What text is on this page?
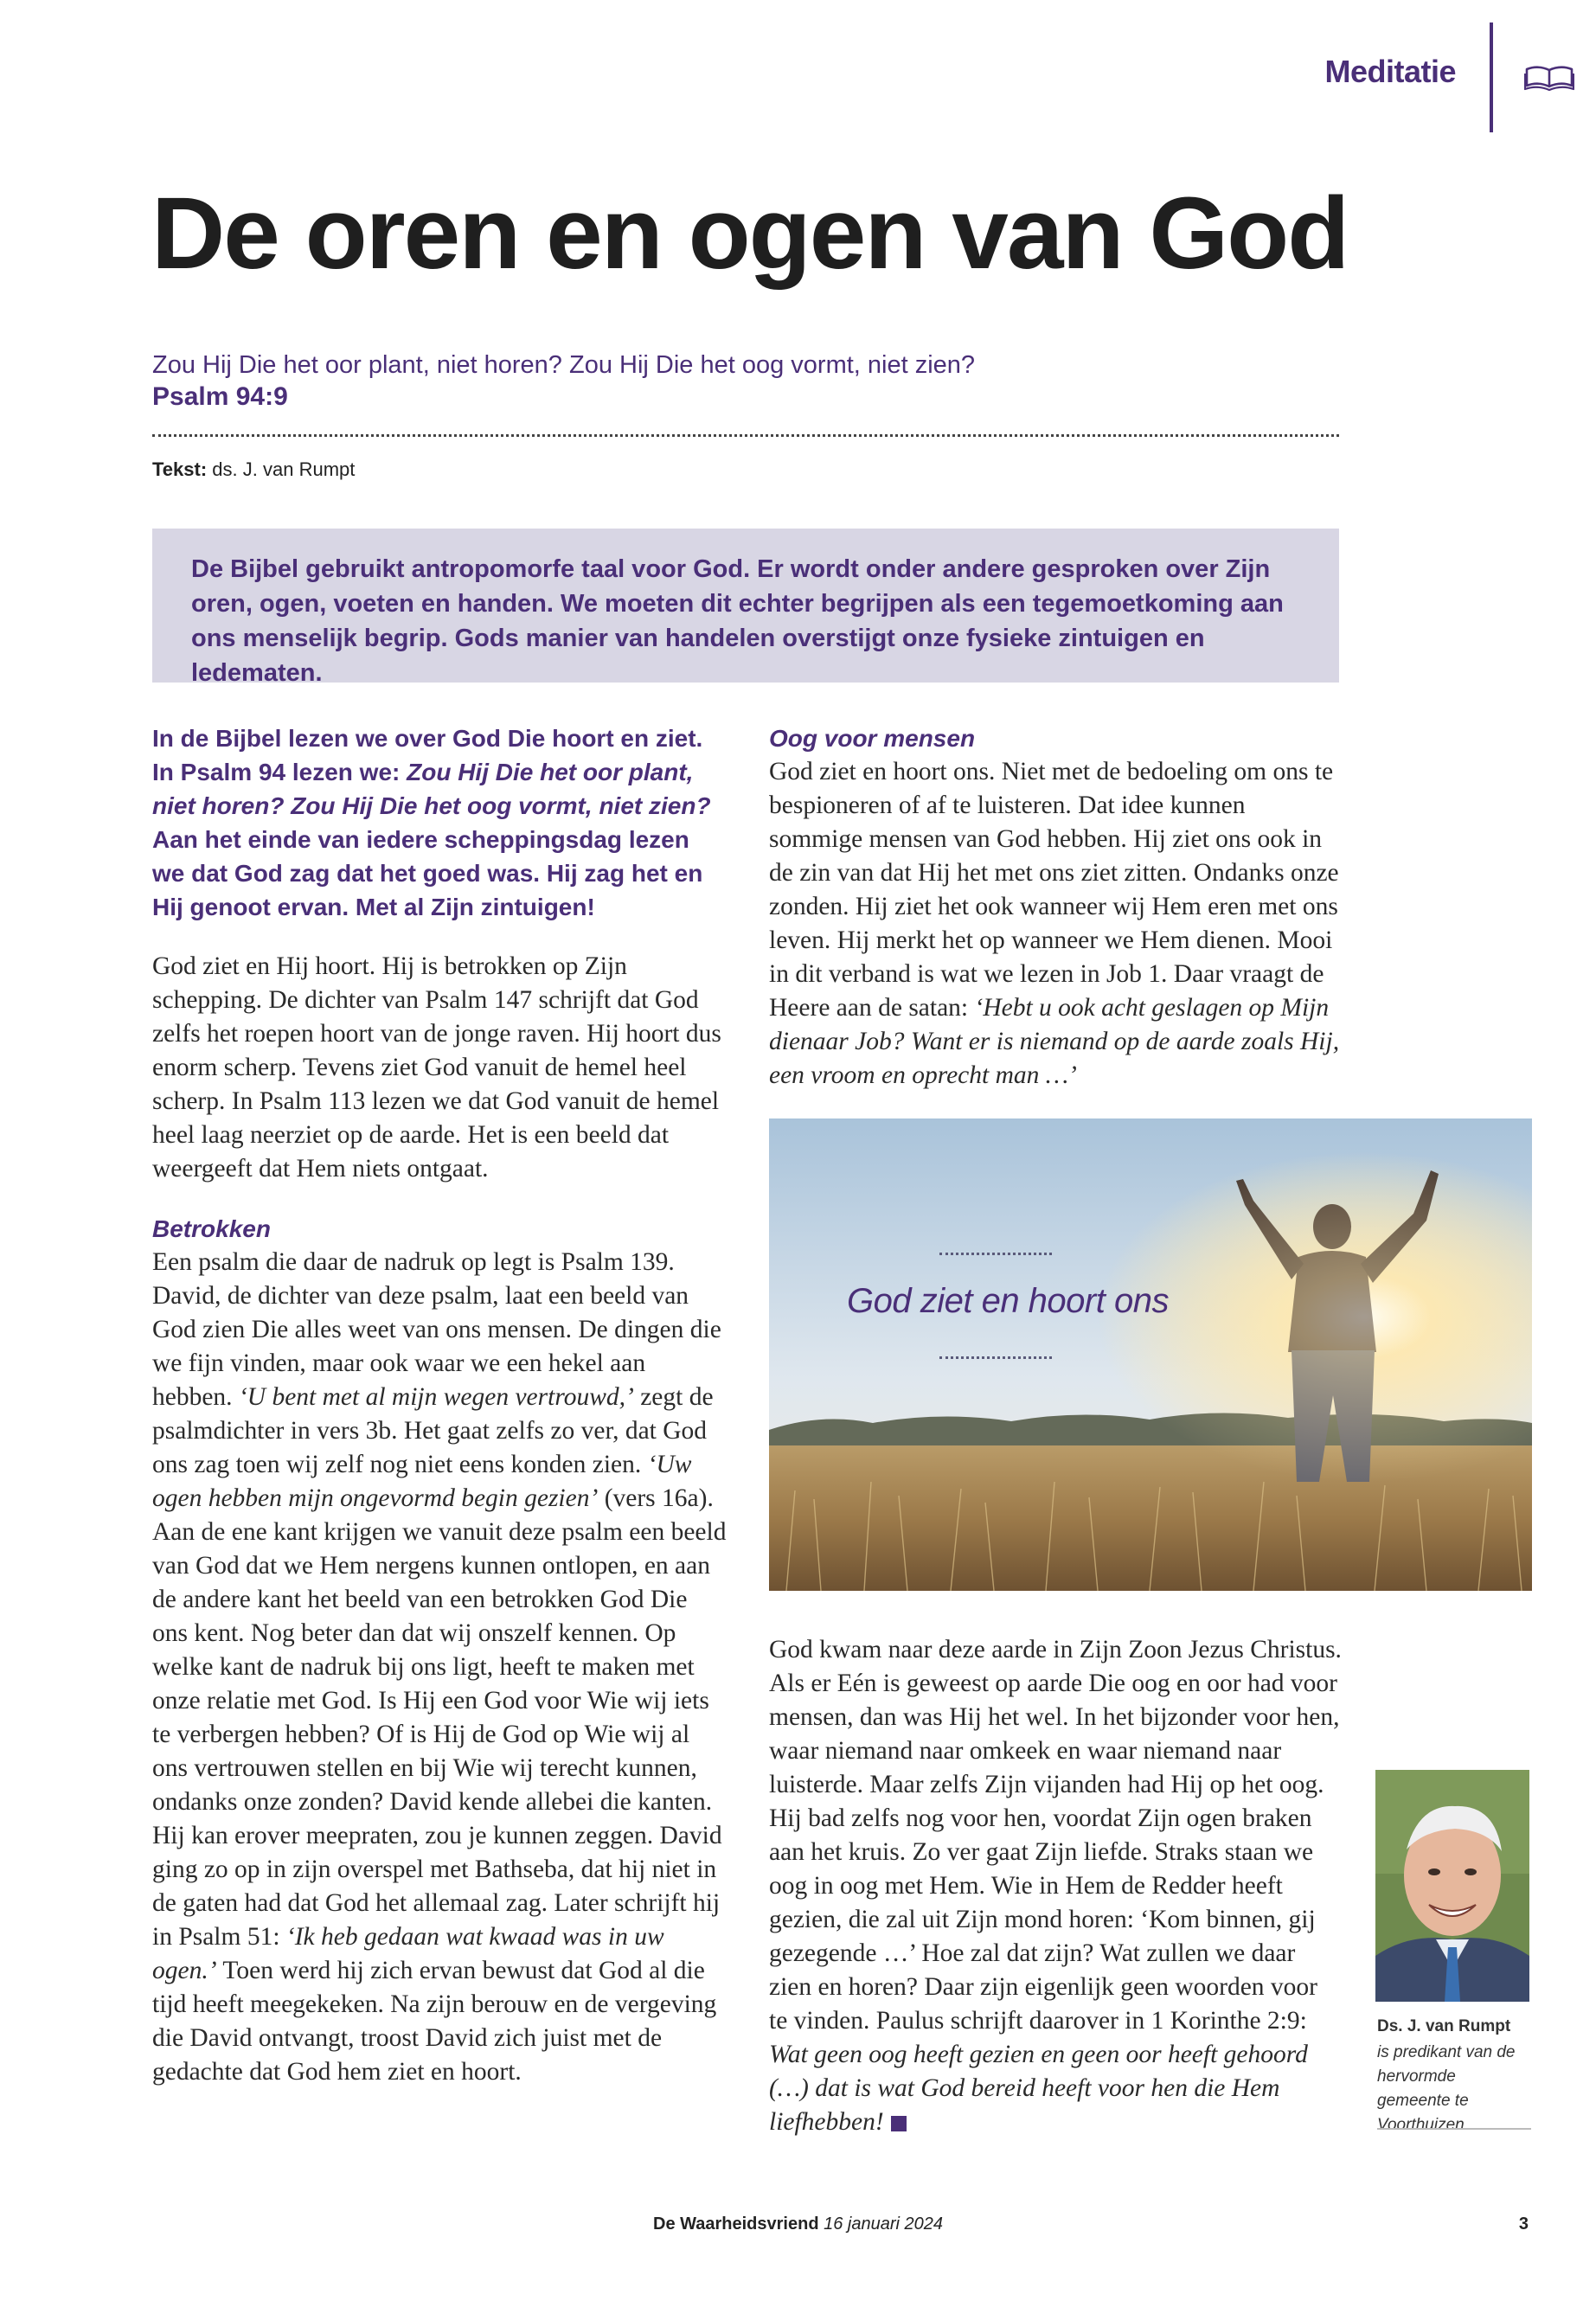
Meditatie
De oren en ogen van God
Zou Hij Die het oor plant, niet horen? Zou Hij Die het oog vormt, niet zien?
Psalm 94:9
Tekst: ds. J. van Rumpt
De Bijbel gebruikt antropomorfe taal voor God. Er wordt onder andere gesproken over Zijn oren, ogen, voeten en handen. We moeten dit echter begrijpen als een tegemoetkoming aan ons menselijk begrip. Gods manier van handelen overstijgt onze fysieke zintuigen en ledematen.

In de Bijbel lezen we over God Die hoort en ziet. In Psalm 94 lezen we: Zou Hij Die het oor plant, niet horen? Zou Hij Die het oog vormt, niet zien? Aan het einde van iedere scheppingsdag lezen we dat God zag dat het goed was. Hij zag het en Hij genoot ervan. Met al Zijn zintuigen!

God ziet en Hij hoort. Hij is betrokken op Zijn schepping. De dichter van Psalm 147 schrijft dat God zelfs het roepen hoort van de jonge raven. Hij hoort dus enorm scherp. Tevens ziet God vanuit de hemel heel scherp. In Psalm 113 lezen we dat God vanuit de hemel heel laag neerziet op de aarde. Het is een beeld dat weergeeft dat Hem niets ontgaat.

Betrokken

Een psalm die daar de nadruk op legt is Psalm 139. David, de dichter van deze psalm, laat een beeld van God zien Die alles weet van ons mensen. De dingen die we fijn vinden, maar ook waar we een hekel aan hebben. ‘U bent met al mijn wegen vertrouwd,’ zegt de psalmdichter in vers 3b. Het gaat zelfs zo ver, dat God ons zag toen wij zelf nog niet eens konden zien. ‘Uw ogen hebben mijn ongevormd begin gezien’ (vers 16a). Aan de ene kant krijgen we vanuit deze psalm een beeld van God dat we Hem nergens kunnen ontlopen, en aan de andere kant het beeld van een betrokken God Die ons kent. Nog beter dan dat wij onszelf kennen. Op welke kant de nadruk bij ons ligt, heeft te maken met onze relatie met God. Is Hij een God voor Wie wij iets te verbergen hebben? Of is Hij de God op Wie wij al ons vertrouwen stellen en bij Wie wij terecht kunnen, ondanks onze zonden? David kende allebei die kanten. Hij kan erover meepraten, zou je kunnen zeggen. David ging zo op in zijn overspel met Bathseba, dat hij niet in de gaten had dat God het allemaal zag. Later schrijft hij in Psalm 51: ‘Ik heb gedaan wat kwaad was in uw ogen.’ Toen werd hij zich ervan bewust dat God al die tijd heeft meegekeken. Na zijn berouw en de vergeving die David ontvangt, troost David zich juist met de gedachte dat God hem ziet en hoort.

Oog voor mensen

God ziet en hoort ons. Niet met de bedoeling om ons te bespioneren of af te luisteren. Dat idee kunnen sommige mensen van God hebben. Hij ziet ons ook in de zin van dat Hij het met ons ziet zitten. Ondanks onze zonden. Hij ziet het ook wanneer wij Hem eren met ons leven. Hij merkt het op wanneer we Hem dienen. Mooi in dit verband is wat we lezen in Job 1. Daar vraagt de Heere aan de satan: ‘Hebt u ook acht geslagen op Mijn dienaar Job? Want er is niemand op de aarde zoals Hij, een vroom en oprecht man …’

God ziet en hoort ons

God kwam naar deze aarde in Zijn Zoon Jezus Christus. Als er Eén is geweest op aarde Die oog en oor had voor mensen, dan was Hij het wel. In het bijzonder voor hen, waar niemand naar omkeek en waar niemand naar luisterde. Maar zelfs Zijn vijanden had Hij op het oog. Hij bad zelfs nog voor hen, voordat Zijn ogen braken aan het kruis. Zo ver gaat Zijn liefde. Straks staan we oog in oog met Hem. Wie in Hem de Redder heeft gezien, die zal uit Zijn mond horen: ‘Kom binnen, gij gezegende …’ Hoe zal dat zijn? Wat zullen we daar zien en horen? Daar zijn eigenlijk geen woorden voor te vinden. Paulus schrijft daarover in 1 Korinthe 2:9: Wat geen oog heeft gezien en geen oor heeft gehoord (…) dat is wat God bereid heeft voor hen die Hem liefhebben!

Ds. J. van Rumpt
is predikant van de hervormde gemeente te Voorthuizen
De Waarheidsvriend 16 januari 2024	3
